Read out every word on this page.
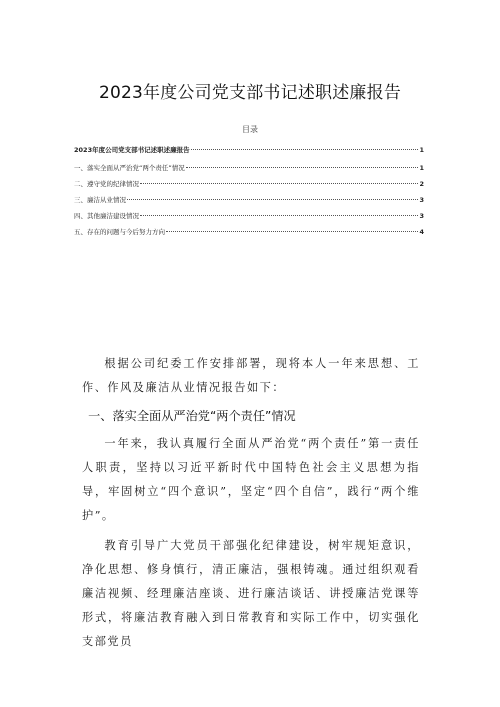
2023年度公司党支部书记述职述廉报告
目录
2023年度公司党支部书记述职述廉报告	1
一、落实全面从严治党“两个责任”情况	1
二、遵守党的纪律情况	2
三、廉洁从业情况	3
四、其他廉洁建设情况	3
五、存在的问题与今后努力方向	4

根据公司纪委工作安排部署，现将本人一年来思想、工作、作风及廉洁从业情况报告如下：

一、落实全面从严治党“两个责任”情况

一年来，我认真履行全面从严治党“两个责任”第一责任人职责，坚持以习近平新时代中国特色社会主义思想为指导，牢固树立“四个意识”，坚定“四个自信”，践行“两个维护”。

教育引导广大党员干部强化纪律建设，树牢规矩意识，净化思想、修身慎行，清正廉洁，强根铸魂。通过组织观看廉洁视频、经理廉洁座谈、进行廉洁谈话、讲授廉洁党课等形式，将廉洁教育融入到日常教育和实际工作中，切实强化支部党员
